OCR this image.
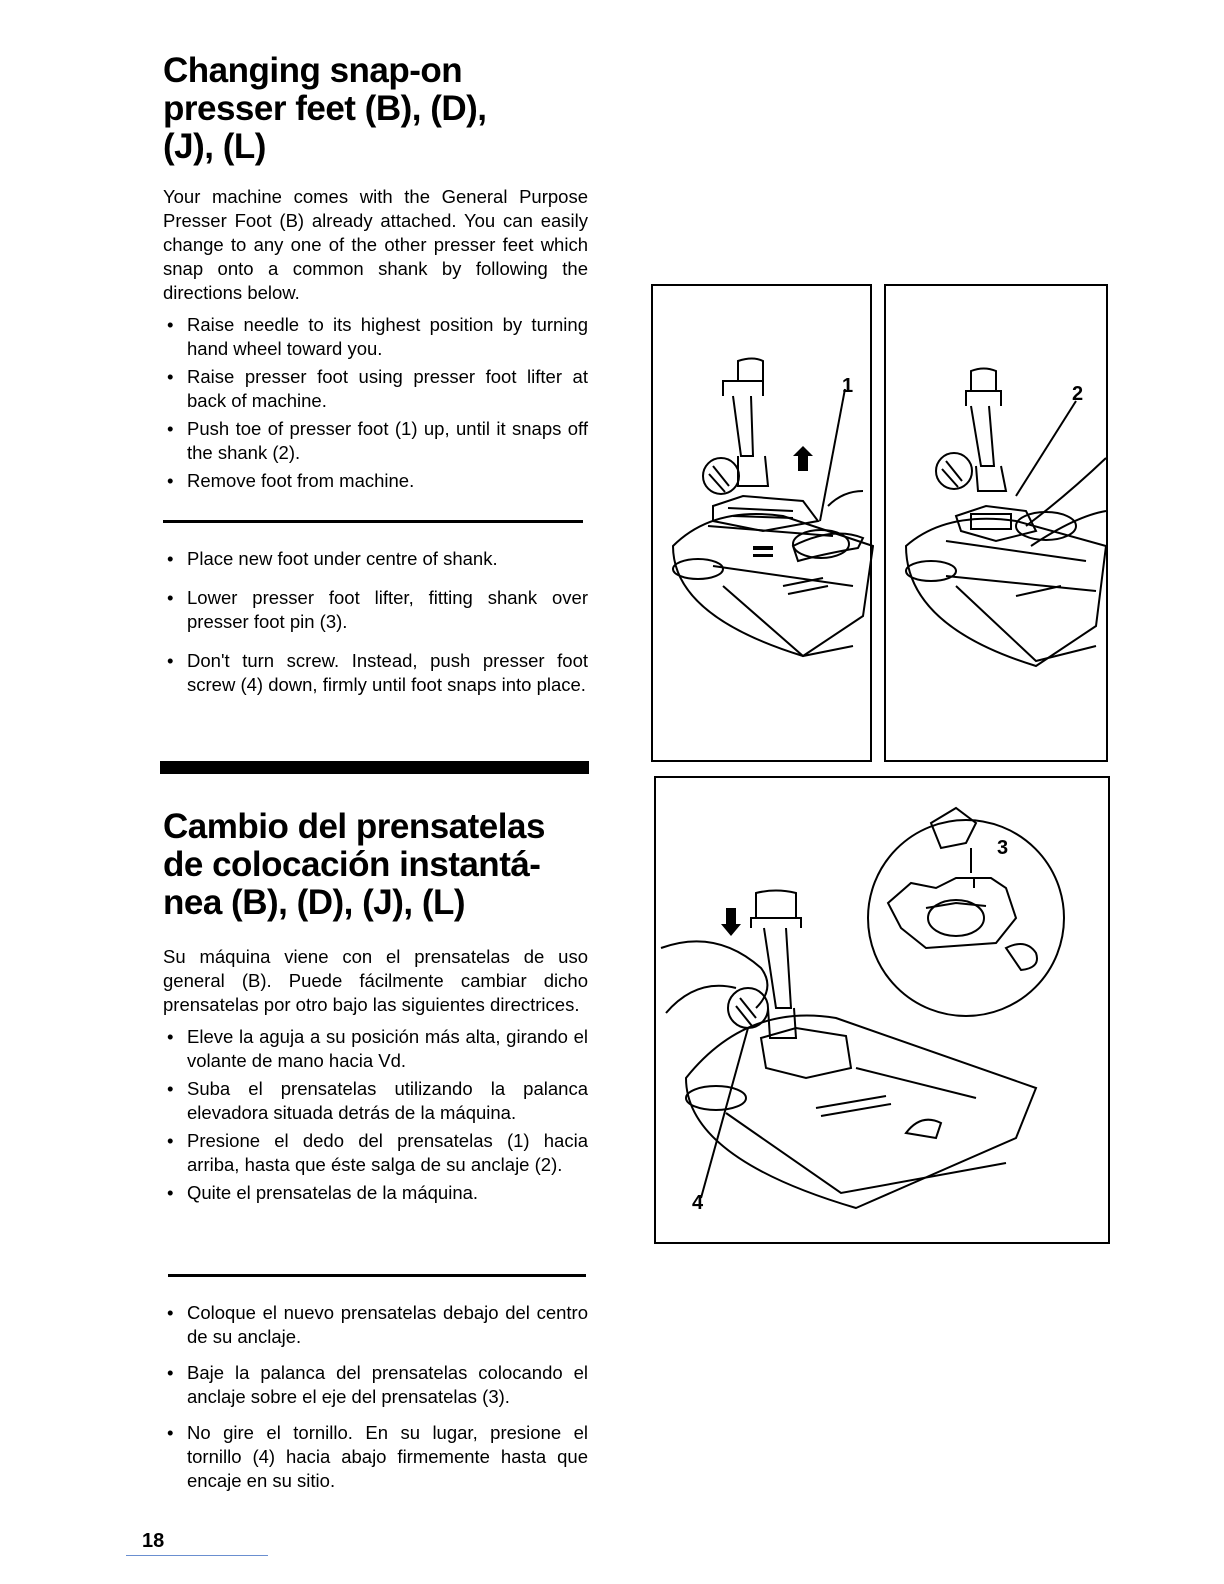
Changing snap-on presser feet (B), (D), (J), (L)

Your machine comes with the General Purpose Presser Foot (B) already attached. You can easily change to any one of the other presser feet which snap onto a common shank by following the directions below.

• Raise needle to its highest position by turning hand wheel toward you.
• Raise presser foot using presser foot lifter at back of machine.
• Push toe of presser foot (1) up, until it snaps off the shank (2).
• Remove foot from machine.
• Place new foot under centre of shank.
• Lower presser foot lifter, fitting shank over presser foot pin (3).
• Don't turn screw. Instead, push presser foot screw (4) down, firmly until foot snaps into place.
Cambio del prensatelas de colocación instantá- nea (B), (D), (J), (L)

Su máquina viene con el prensatelas de uso general (B). Puede fácilmente cambiar dicho prensatelas por otro bajo las siguientes directrices.

• Eleve la aguja a su posición más alta, girando el volante de mano hacia Vd.
• Suba el prensatelas utilizando la palanca elevadora situada detrás de la máquina.
• Presione el dedo del prensatelas (1) hacia arriba, hasta que éste salga de su anclaje (2).
• Quite el prensatelas de la máquina.
• Coloque el nuevo prensatelas debajo del centro de su anclaje.
• Baje la palanca del prensatelas colocando el anclaje sobre el eje del prensatelas (3).
• No gire el tornillo. En su lugar, presione el tornillo (4) hacia abajo firmemente hasta que encaje en su sitio.
1	2
3
4
18
